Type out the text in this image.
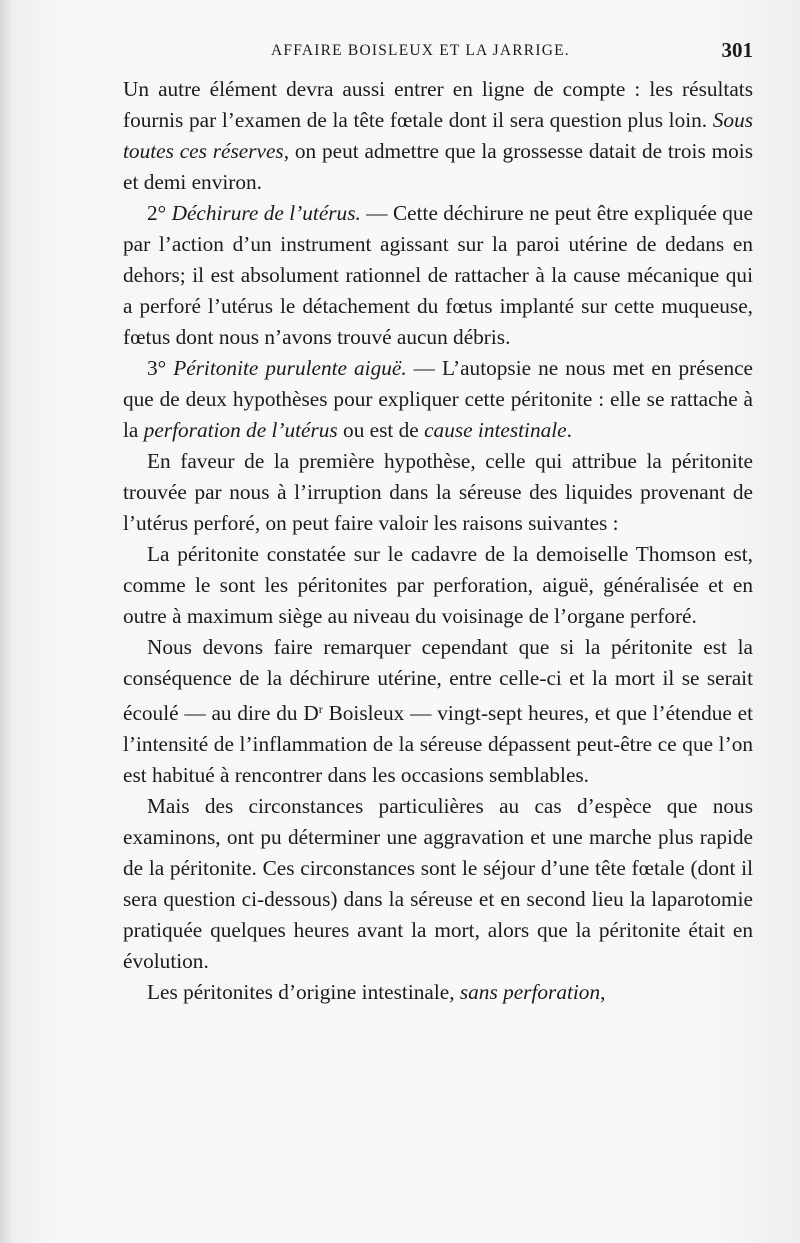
AFFAIRE BOISLEUX ET LA JARRIGE.	301

Un autre élément devra aussi entrer en ligne de compte : les résultats fournis par l’examen de la tête fœtale dont il sera question plus loin. Sous toutes ces réserves, on peut admettre que la grossesse datait de trois mois et demi environ.

2° Déchirure de l’utérus. — Cette déchirure ne peut être expliquée que par l’action d’un instrument agissant sur la paroi utérine de dedans en dehors; il est absolument rationnel de rattacher à la cause mécanique qui a perforé l’utérus le détachement du fœtus implanté sur cette muqueuse, fœtus dont nous n’avons trouvé aucun débris.

3° Péritonite purulente aiguë. — L’autopsie ne nous met en présence que de deux hypothèses pour expliquer cette péritonite : elle se rattache à la perforation de l’utérus ou est de cause intestinale.

En faveur de la première hypothèse, celle qui attribue la péritonite trouvée par nous à l’irruption dans la séreuse des liquides provenant de l’utérus perforé, on peut faire valoir les raisons suivantes :

La péritonite constatée sur le cadavre de la demoiselle Thomson est, comme le sont les péritonites par perforation, aiguë, généralisée et en outre à maximum siège au niveau du voisinage de l’organe perforé.

Nous devons faire remarquer cependant que si la péritonite est la conséquence de la déchirure utérine, entre celle-ci et la mort il se serait écoulé — au dire du $D^r$ Boisleux — vingt-sept heures, et que l’étendue et l’intensité de l’inflammation de la séreuse dépassent peut-être ce que l’on est habitué à rencontrer dans les occasions semblables.

Mais des circonstances particulières au cas d’espèce que nous examinons, ont pu déterminer une aggravation et une marche plus rapide de la péritonite. Ces circonstances sont le séjour d’une tête fœtale (dont il sera question ci-dessous) dans la séreuse et en second lieu la laparotomie pratiquée quelques heures avant la mort, alors que la péritonite était en évolution.

Les péritonites d’origine intestinale, sans perforation,
